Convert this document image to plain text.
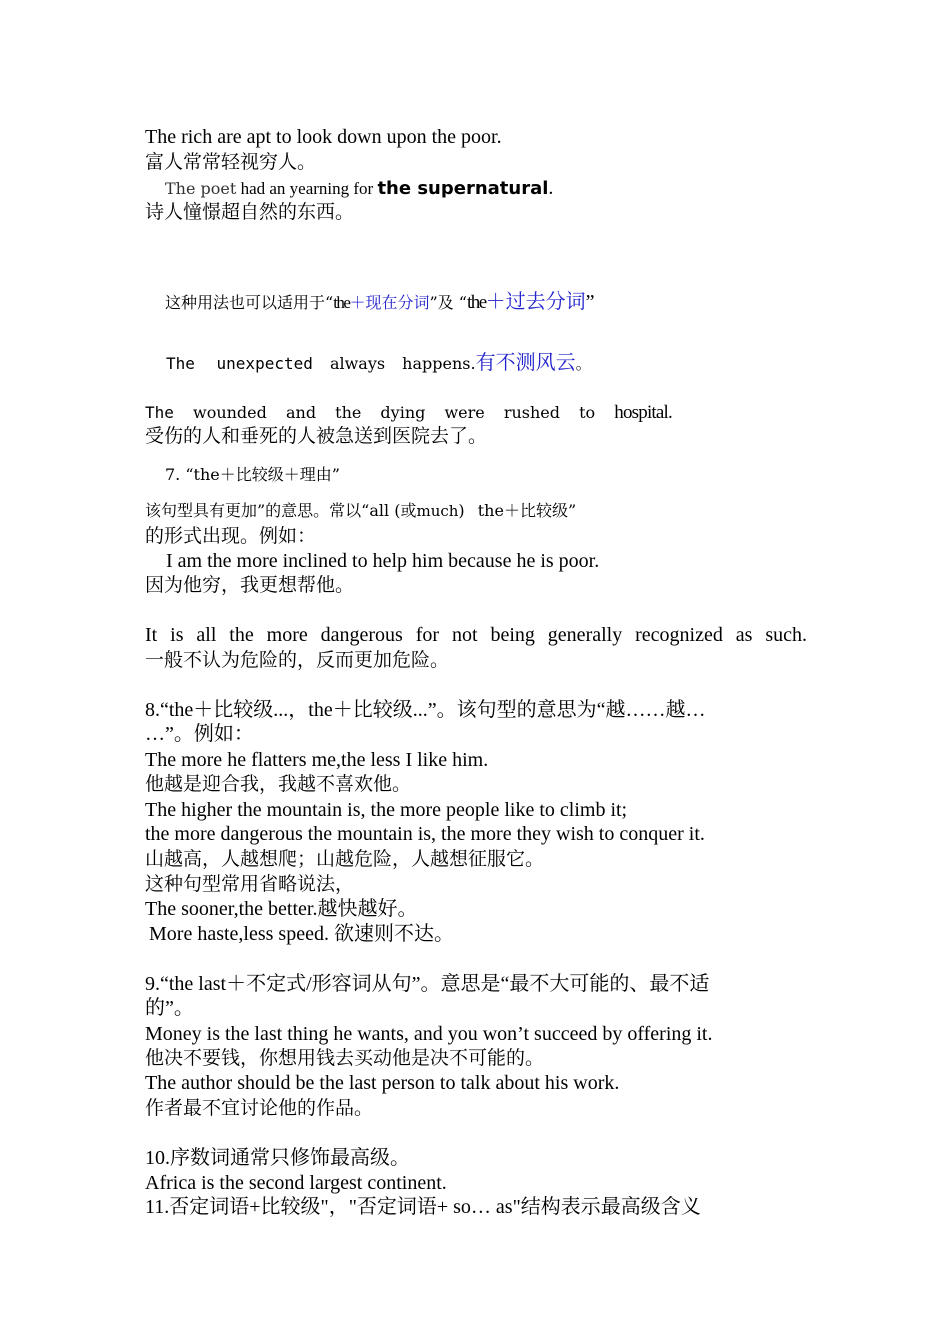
The rich are apt to look down upon the poor.
富人常常轻视穷人。
The poet had an yearning for the supernatural.
诗人憧憬超自然的东西。
这种用法也可以适用于“the＋现在分词”及 “the＋过去分词”
The unexpected always happens.有不测风云。
The wounded and the dying were rushed to hospital.
受伤的人和垂死的人被急送到医院去了。
7. “the＋比较级＋理由”
该句型具有更加”的意思。常以“all (或much) the＋比较级”
的形式出现。例如：
I am the more inclined to help him because he is poor.
因为他穷，我更想帮他。
It is all the more dangerous for not being generally recognized as such.
一般不认为危险的，反而更加危险。
8.“the＋比较级...，the＋比较级...”。该句型的意思为“越……越…
…”。例如：
The more he flatters me,the less I like him.
他越是迎合我，我越不喜欢他。
The higher the mountain is, the more people like to climb it;
the more dangerous the mountain is, the more they wish to conquer it.
山越高，人越想爬；山越危险，人越想征服它。
这种句型常用省略说法，
The sooner,the better.越快越好。
More haste,less speed. 欲速则不达。
9.“the last＋不定式/形容词从句”。意思是“最不大可能的、最不适
的”。
Money is the last thing he wants, and you won’t succeed by offering it.
他决不要钱，你想用钱去买动他是决不可能的。
The author should be the last person to talk about his work.
作者最不宜讨论他的作品。
10.序数词通常只修饰最高级。
Africa is the second largest continent.
11.否定词语+比较级"，"否定词语+ so… as"结构表示最高级含义
